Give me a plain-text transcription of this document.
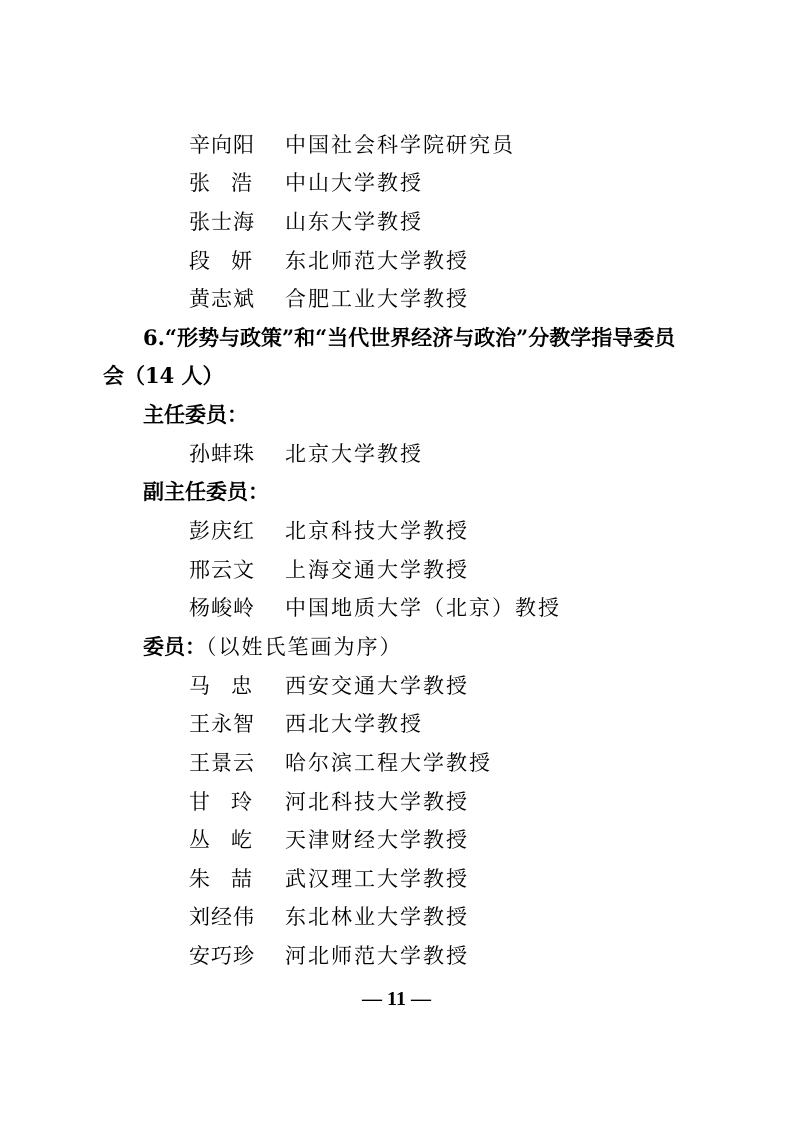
辛向阳 中国社会科学院研究员
张 浩 中山大学教授
张士海 山东大学教授
段 妍 东北师范大学教授
黄志斌 合肥工业大学教授
6.“形势与政策”和“当代世界经济与政治”分教学指导委员
会（14 人）
主任委员：
孙蚌珠 北京大学教授
副主任委员：
彭庆红 北京科技大学教授
邢云文 上海交通大学教授
杨峻岭 中国地质大学（北京）教授
委员：（以姓氏笔画为序）
马 忠 西安交通大学教授
王永智 西北大学教授
王景云 哈尔滨工程大学教授
甘 玲 河北科技大学教授
丛 屹 天津财经大学教授
朱 喆 武汉理工大学教授
刘经伟 东北林业大学教授
安巧珍 河北师范大学教授
— 11 —
